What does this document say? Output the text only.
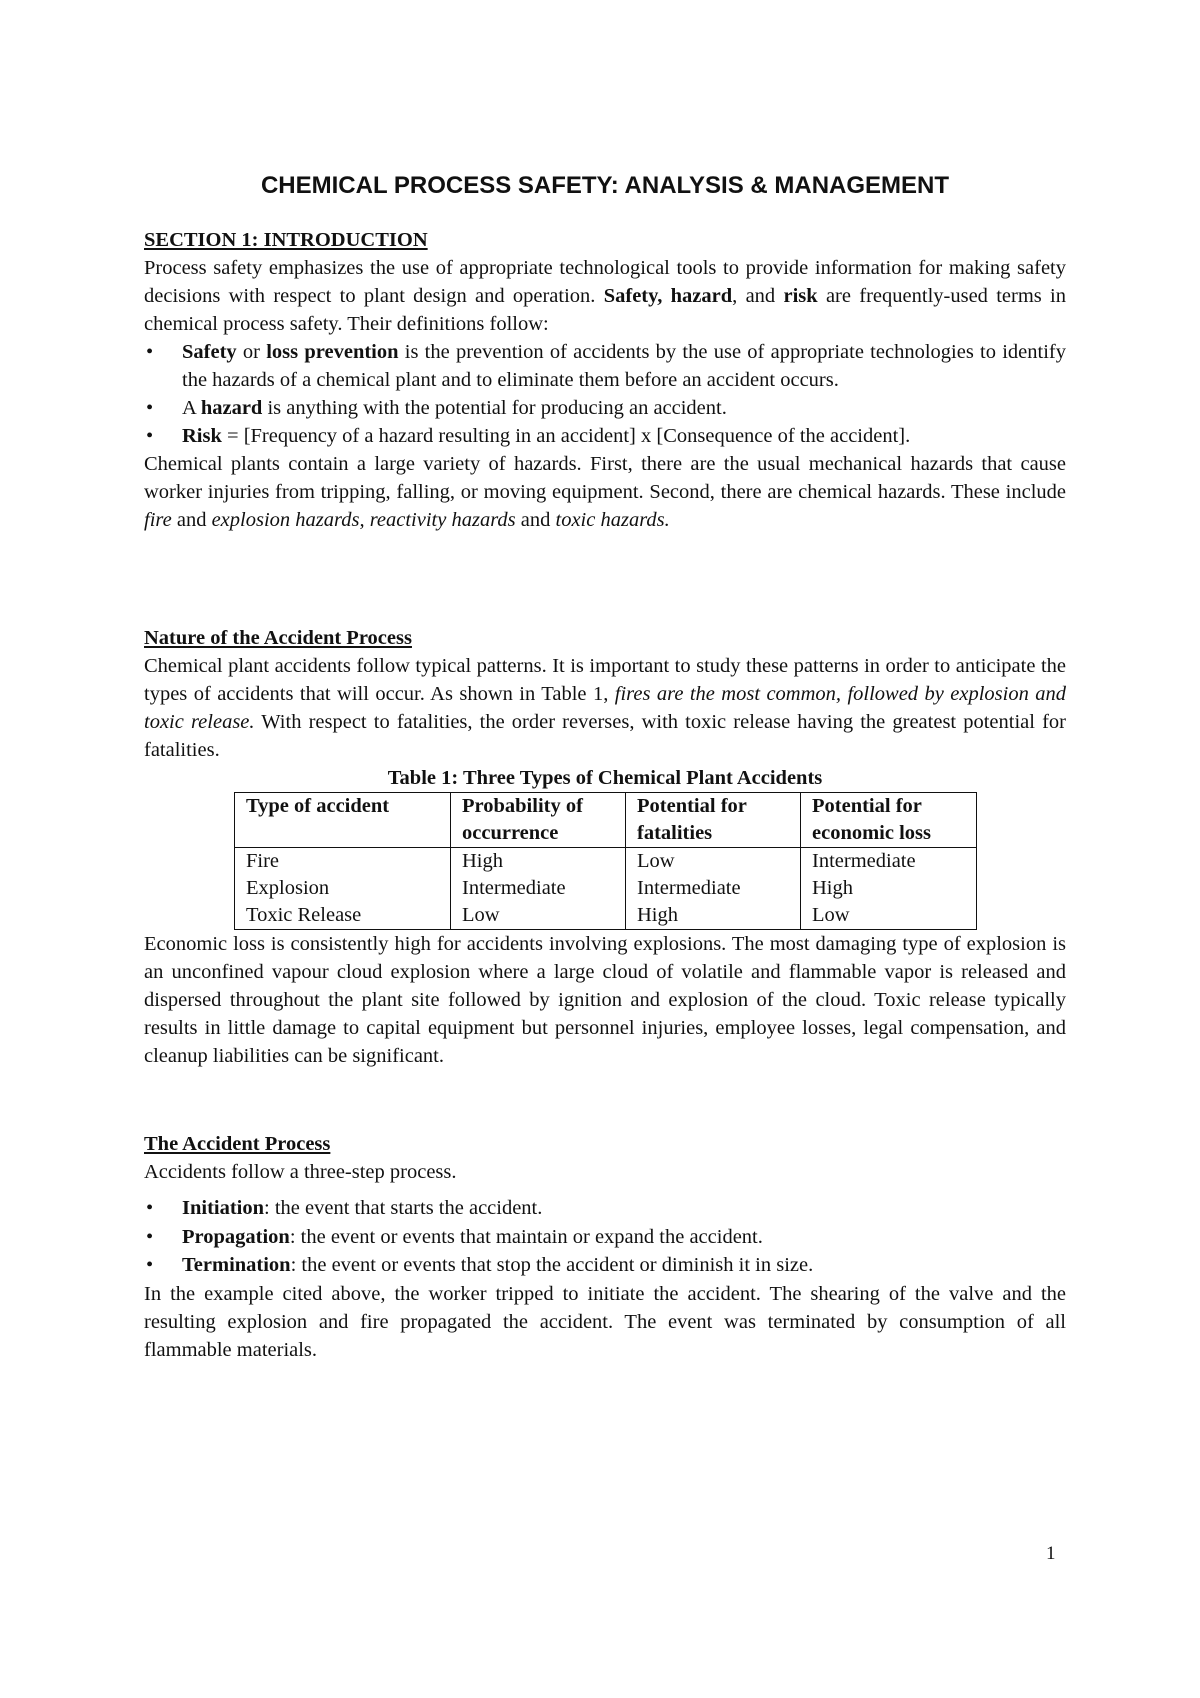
CHEMICAL PROCESS SAFETY: ANALYSIS & MANAGEMENT

SECTION 1: INTRODUCTION

Process safety emphasizes the use of appropriate technological tools to provide information for making safety decisions with respect to plant design and operation. Safety, hazard, and risk are frequently-used terms in chemical process safety. Their definitions follow:

• Safety or loss prevention is the prevention of accidents by the use of appropriate technologies to identify the hazards of a chemical plant and to eliminate them before an accident occurs.
• A hazard is anything with the potential for producing an accident.
• Risk = [Frequency of a hazard resulting in an accident] x [Consequence of the accident].

Chemical plants contain a large variety of hazards. First, there are the usual mechanical hazards that cause worker injuries from tripping, falling, or moving equipment. Second, there are chemical hazards. These include fire and explosion hazards, reactivity hazards and toxic hazards.

Nature of the Accident Process

Chemical plant accidents follow typical patterns. It is important to study these patterns in order to anticipate the types of accidents that will occur. As shown in Table 1, fires are the most common, followed by explosion and toxic release. With respect to fatalities, the order reverses, with toxic release having the greatest potential for fatalities.

Table 1: Three Types of Chemical Plant Accidents

Type of accident	Probability of occurrence	Potential for fatalities	Potential for economic loss
Fire	High	Low	Intermediate
Explosion	Intermediate	Intermediate	High
Toxic Release	Low	High	Low

Economic loss is consistently high for accidents involving explosions. The most damaging type of explosion is an unconfined vapour cloud explosion where a large cloud of volatile and flammable vapor is released and dispersed throughout the plant site followed by ignition and explosion of the cloud. Toxic release typically results in little damage to capital equipment but personnel injuries, employee losses, legal compensation, and cleanup liabilities can be significant.

The Accident Process

Accidents follow a three-step process.

• Initiation: the event that starts the accident.
• Propagation: the event or events that maintain or expand the accident.
• Termination: the event or events that stop the accident or diminish it in size.

In the example cited above, the worker tripped to initiate the accident. The shearing of the valve and the resulting explosion and fire propagated the accident. The event was terminated by consumption of all flammable materials.

1
